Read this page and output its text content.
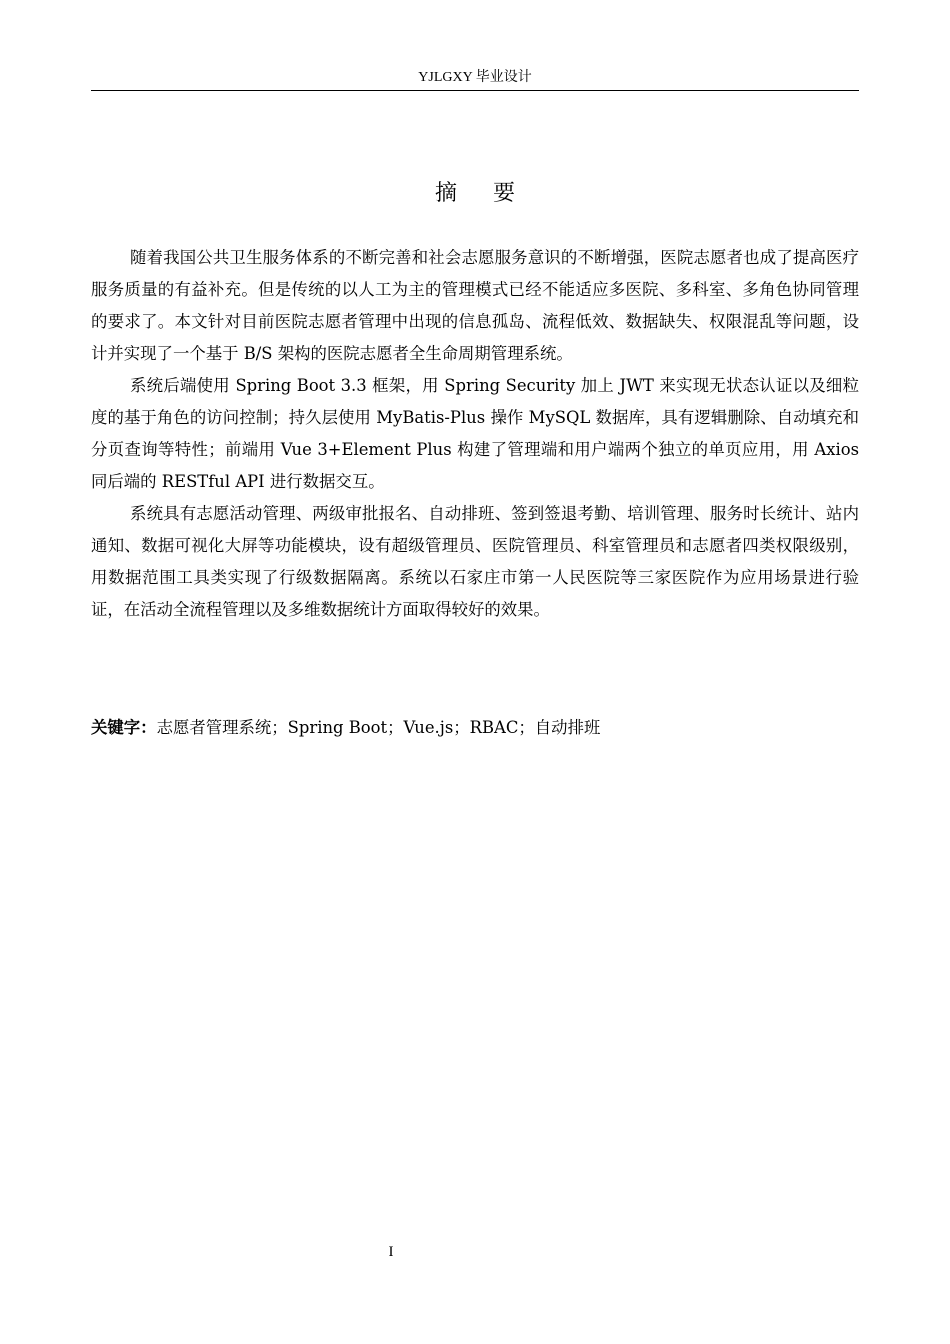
YJLGXY 毕业设计
摘要

随着我国公共卫生服务体系的不断完善和社会志愿服务意识的不断增强，医院志愿者也成了提高医疗服务质量的有益补充。但是传统的以人工为主的管理模式已经不能适应多医院、多科室、多角色协同管理的要求了。本文针对目前医院志愿者管理中出现的信息孤岛、流程低效、数据缺失、权限混乱等问题，设计并实现了一个基于 B/S 架构的医院志愿者全生命周期管理系统。

系统后端使用 Spring Boot 3.3 框架，用 Spring Security 加上 JWT 来实现无状态认证以及细粒度的基于角色的访问控制；持久层使用 MyBatis-Plus 操作 MySQL 数据库，具有逻辑删除、自动填充和分页查询等特性；前端用 Vue 3+Element Plus 构建了管理端和用户端两个独立的单页应用，用 Axios 同后端的 RESTful API 进行数据交互。

系统具有志愿活动管理、两级审批报名、自动排班、签到签退考勤、培训管理、服务时长统计、站内通知、数据可视化大屏等功能模块，设有超级管理员、医院管理员、科室管理员和志愿者四类权限级别，用数据范围工具类实现了行级数据隔离。系统以石家庄市第一人民医院等三家医院作为应用场景进行验证，在活动全流程管理以及多维数据统计方面取得较好的效果。

关键字：志愿者管理系统；Spring Boot；Vue.js；RBAC；自动排班
I
